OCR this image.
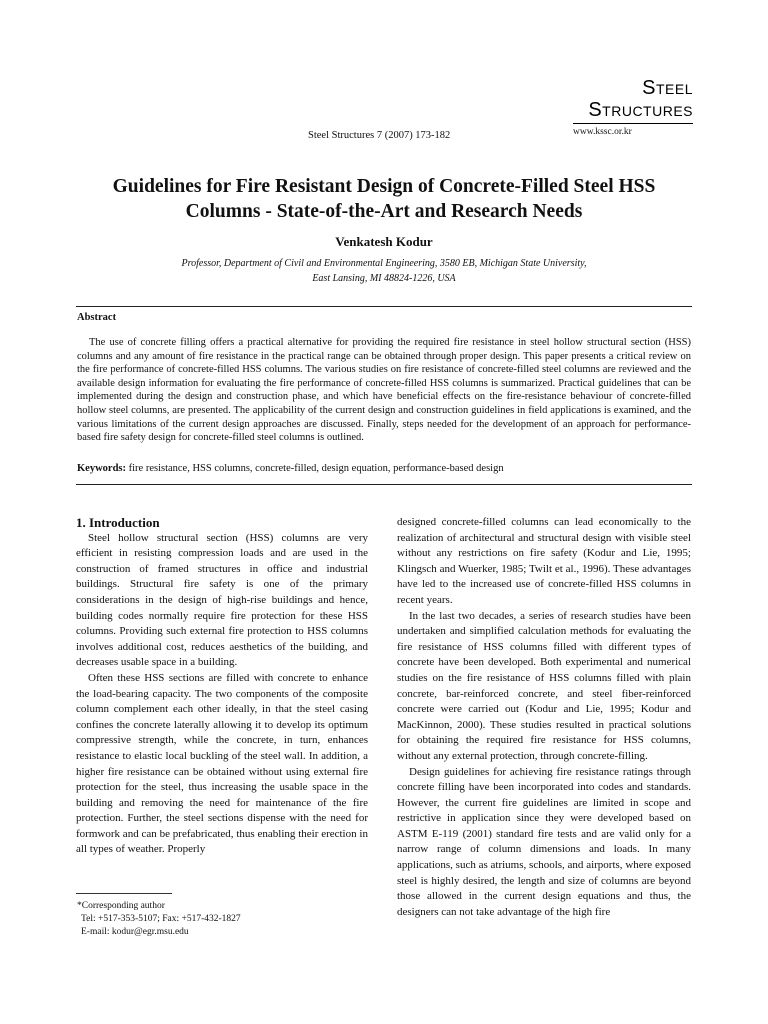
Steel
Structures
www.kssc.or.kr
Steel Structures 7 (2007) 173-182
Guidelines for Fire Resistant Design of Concrete-Filled Steel HSS
Columns - State-of-the-Art and Research Needs
Venkatesh Kodur
Professor, Department of Civil and Environmental Engineering, 3580 EB, Michigan State University,
East Lansing, MI 48824-1226, USA
Abstract
The use of concrete filling offers a practical alternative for providing the required fire resistance in steel hollow structural section (HSS) columns and any amount of fire resistance in the practical range can be obtained through proper design. This paper presents a critical review on the fire performance of concrete-filled HSS columns. The various studies on fire resistance of concrete-filled steel columns are reviewed and the available design information for evaluating the fire performance of concrete-filled HSS columns is summarized. Practical guidelines that can be implemented during the design and construction phase, and which have beneficial effects on the fire-resistance behaviour of concrete-filled hollow steel columns, are presented. The applicability of the current design and construction guidelines in field applications is examined, and the various limitations of the current design approaches are discussed. Finally, steps needed for the development of an approach for performance-based fire safety design for concrete-filled steel columns is outlined.
Keywords: fire resistance, HSS columns, concrete-filled, design equation, performance-based design

1. Introduction

Steel hollow structural section (HSS) columns are very efficient in resisting compression loads and are used in the construction of framed structures in office and industrial buildings. Structural fire safety is one of the primary considerations in the design of high-rise buildings and hence, building codes normally require fire protection for these HSS columns. Providing such external fire protection to HSS columns involves additional cost, reduces aesthetics of the building, and decreases usable space in a building.

Often these HSS sections are filled with concrete to enhance the load-bearing capacity. The two components of the composite column complement each other ideally, in that the steel casing confines the concrete laterally allowing it to develop its optimum compressive strength, while the concrete, in turn, enhances resistance to elastic local buckling of the steel wall. In addition, a higher fire resistance can be obtained without using external fire protection for the steel, thus increasing the usable space in the building and removing the need for maintenance of the fire protection. Further, the steel sections dispense with the need for formwork and can be prefabricated, thus enabling their erection in all types of weather. Properly

designed concrete-filled columns can lead economically to the realization of architectural and structural design with visible steel without any restrictions on fire safety (Kodur and Lie, 1995; Klingsch and Wuerker, 1985; Twilt et al., 1996). These advantages have led to the increased use of concrete-filled HSS columns in recent years.

In the last two decades, a series of research studies have been undertaken and simplified calculation methods for evaluating the fire resistance of HSS columns filled with different types of concrete have been developed. Both experimental and numerical studies on the fire resistance of HSS columns filled with plain concrete, bar-reinforced concrete, and steel fiber-reinforced concrete were carried out (Kodur and Lie, 1995; Kodur and MacKinnon, 2000). These studies resulted in practical solutions for obtaining the required fire resistance for HSS columns, without any external protection, through concrete-filling.

Design guidelines for achieving fire resistance ratings through concrete filling have been incorporated into codes and standards. However, the current fire guidelines are limited in scope and restrictive in application since they were developed based on ASTM E-119 (2001) standard fire tests and are valid only for a narrow range of column dimensions and loads. In many applications, such as atriums, schools, and airports, where exposed steel is highly desired, the length and size of columns are beyond those allowed in the current design equations and thus, the designers can not take advantage of the high fire

*Corresponding author
Tel: +517-353-5107; Fax: +517-432-1827
E-mail: kodur@egr.msu.edu
